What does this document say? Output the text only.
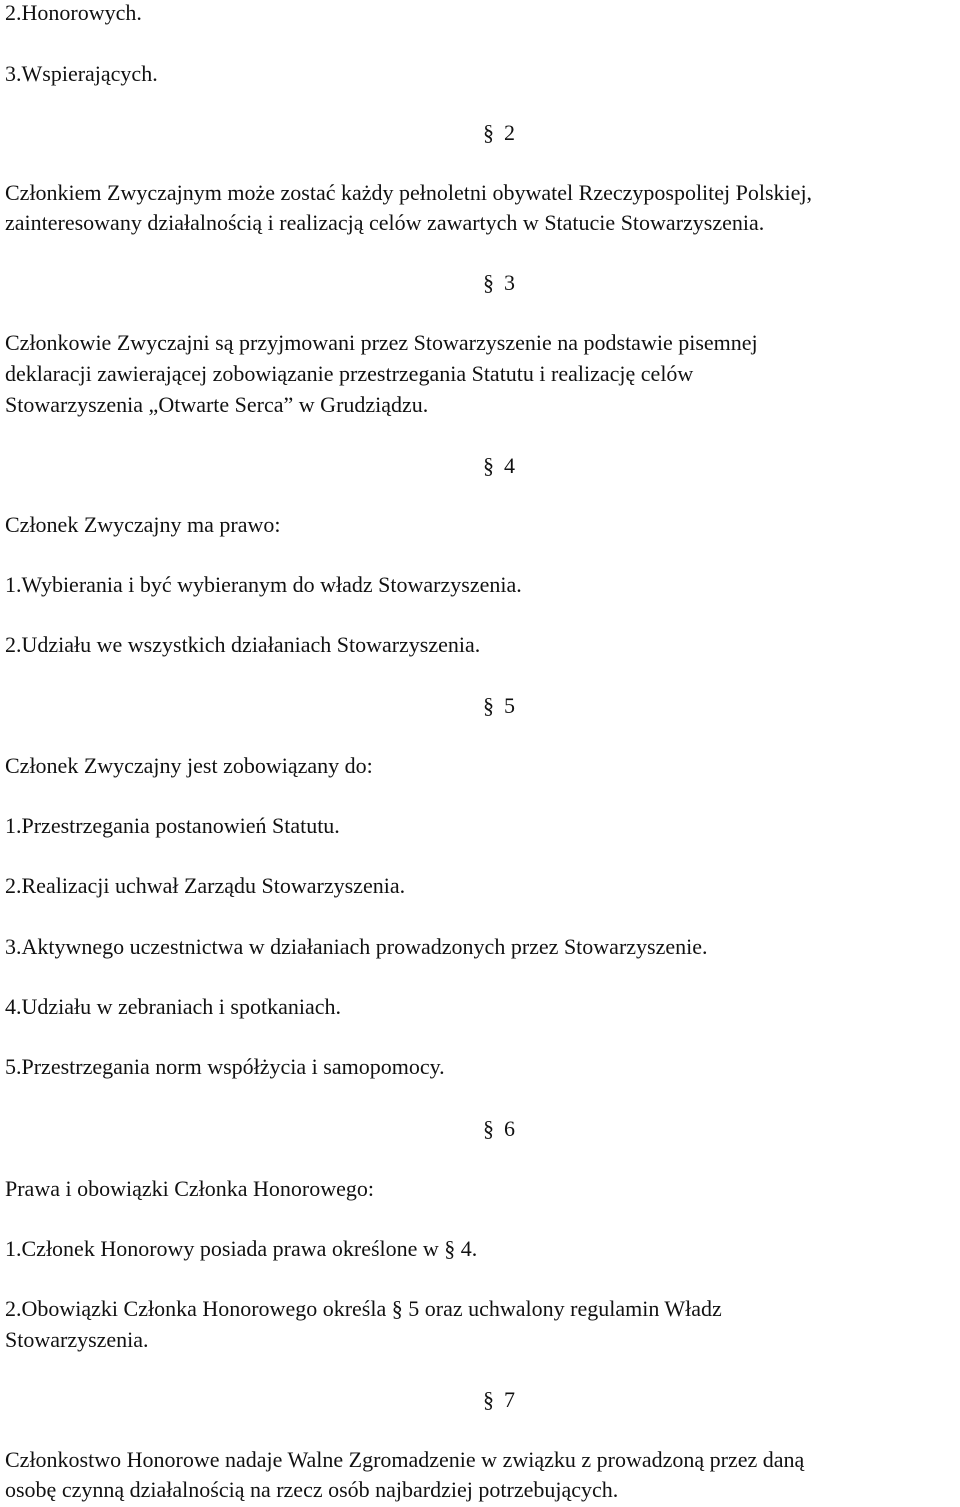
2.Honorowych.
3.Wspierających.
§ 2
Członkiem Zwyczajnym może zostać każdy pełnoletni obywatel Rzeczypospolitej Polskiej,
zainteresowany działalnością i realizacją celów zawartych w Statucie Stowarzyszenia.
§ 3
Członkowie Zwyczajni są przyjmowani przez Stowarzyszenie na podstawie pisemnej
deklaracji zawierającej zobowiązanie przestrzegania Statutu i realizację celów
Stowarzyszenia „Otwarte Serca” w Grudziądzu.
§ 4
Członek Zwyczajny ma prawo:
1.Wybierania i być wybieranym do władz Stowarzyszenia.
2.Udziału we wszystkich działaniach Stowarzyszenia.
§ 5
Członek Zwyczajny jest zobowiązany do:
1.Przestrzegania postanowień Statutu.
2.Realizacji uchwał Zarządu Stowarzyszenia.
3.Aktywnego uczestnictwa w działaniach prowadzonych przez Stowarzyszenie.
4.Udziału w zebraniach i spotkaniach.
5.Przestrzegania norm współżycia i samopomocy.
§ 6
Prawa i obowiązki Członka Honorowego:
1.Członek Honorowy posiada prawa określone w § 4.
2.Obowiązki Członka Honorowego określa § 5 oraz uchwalony regulamin Władz
Stowarzyszenia.
§ 7
Członkostwo Honorowe nadaje Walne Zgromadzenie w związku z prowadzoną przez daną
osobę czynną działalnością na rzecz osób najbardziej potrzebujących.
